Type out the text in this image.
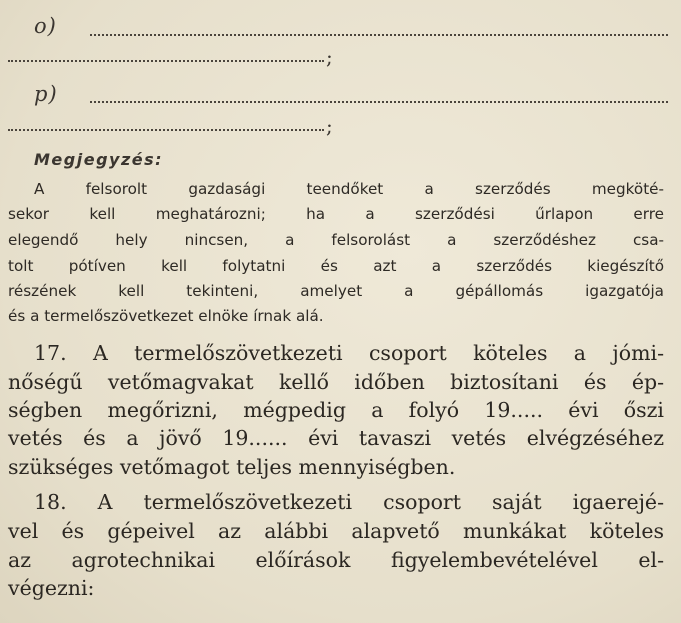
o)
;
p)
;
Megjegyzés:
A felsorolt gazdasági teendőket a szerződés megköté-
sekor kell meghatározni; ha a szerződési űrlapon erre
elegendő hely nincsen, a felsorolást a szerződéshez csa-
tolt pótíven kell folytatni és azt a szerződés kiegészítő
részének kell tekinteni, amelyet a gépállomás igazgatója
és a termelőszövetkezet elnöke írnak alá.
17. A termelőszövetkezeti csoport köteles a jómi-
nőségű vetőmagvakat kellő időben biztosítani és ép-
ségben megőrizni, mégpedig a folyó 19..... évi őszi
vetés és a jövő 19...... évi tavaszi vetés elvégzéséhez
szükséges vetőmagot teljes mennyiségben.
18. A termelőszövetkezeti csoport saját igaerejé-
vel és gépeivel az alábbi alapvető munkákat köteles
az agrotechnikai előírások figyelembevételével el-
végezni:
